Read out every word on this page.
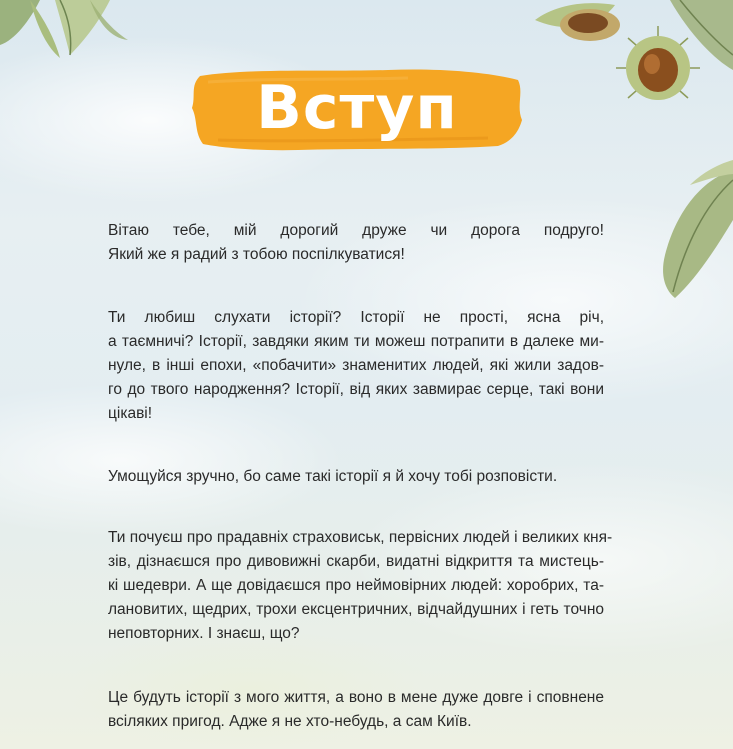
Вступ
Вітаю тебе, мій дорогий друже чи дорога подруго!
Який же я радий з тобою поспілкуватися!
Ти любиш слухати історії? Історії не прості, ясна річ,
а таємничі? Історії, завдяки яким ти можеш потрапити в далеке ми-
нуле, в інші епохи, «побачити» знаменитих людей, які жили задов-
го до твого народження? Історії, від яких завмирає серце, такі вони
цікаві!
Умощуйся зручно, бо саме такі історії я й хочу тобі розповісти.
Ти почуєш про прадавніх страховиськ, первісних людей і великих кня-
зів, дізнаєшся про дивовижні скарби, видатні відкриття та мистець-
кі шедеври. А ще довідаєшся про неймовірних людей: хоробрих, та-
лановитих, щедрих, трохи ексцентричних, відчайдушних і геть точно
неповторних. І знаєш, що?
Це будуть історії з мого життя, а воно в мене дуже довге і сповнене
всіляких пригод. Адже я не хто-небудь, а сам Київ.
